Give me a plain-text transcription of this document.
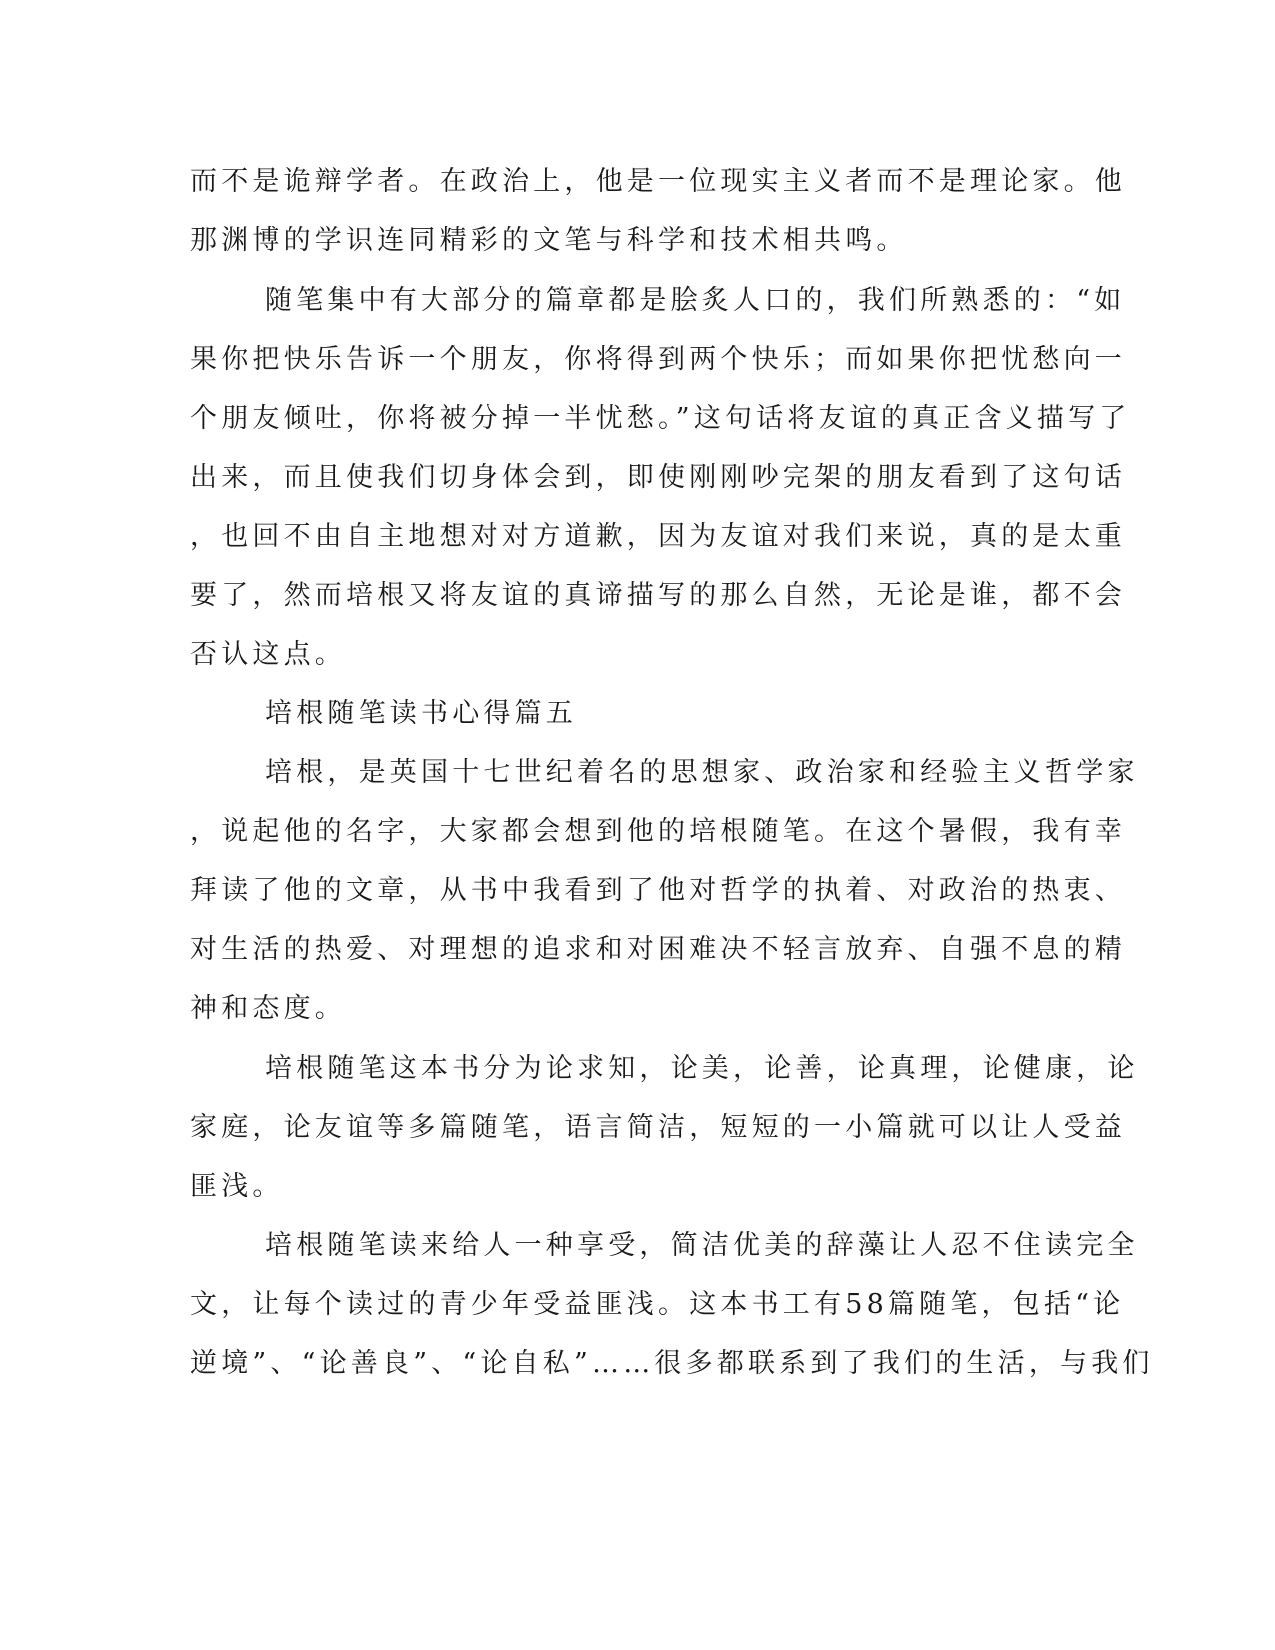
而不是诡辩学者。在政治上，他是一位现实主义者而不是理论家。他

那渊博的学识连同精彩的文笔与科学和技术相共鸣。

随笔集中有大部分的篇章都是脍炙人口的，我们所熟悉的：“如

果你把快乐告诉一个朋友，你将得到两个快乐；而如果你把忧愁向一

个朋友倾吐，你将被分掉一半忧愁。”这句话将友谊的真正含义描写了

出来，而且使我们切身体会到，即使刚刚吵完架的朋友看到了这句话

，也回不由自主地想对对方道歉，因为友谊对我们来说，真的是太重

要了，然而培根又将友谊的真谛描写的那么自然，无论是谁，都不会

否认这点。

培根随笔读书心得篇五

培根，是英国十七世纪着名的思想家、政治家和经验主义哲学家

，说起他的名字，大家都会想到他的培根随笔。在这个暑假，我有幸

拜读了他的文章，从书中我看到了他对哲学的执着、对政治的热衷、

对生活的热爱、对理想的追求和对困难决不轻言放弃、自强不息的精

神和态度。

培根随笔这本书分为论求知，论美，论善，论真理，论健康，论

家庭，论友谊等多篇随笔，语言简洁，短短的一小篇就可以让人受益

匪浅。

培根随笔读来给人一种享受，简洁优美的辞藻让人忍不住读完全

文，让每个读过的青少年受益匪浅。这本书工有58篇随笔，包括“论

逆境”、“论善良”、“论自私”……很多都联系到了我们的生活，与我们
